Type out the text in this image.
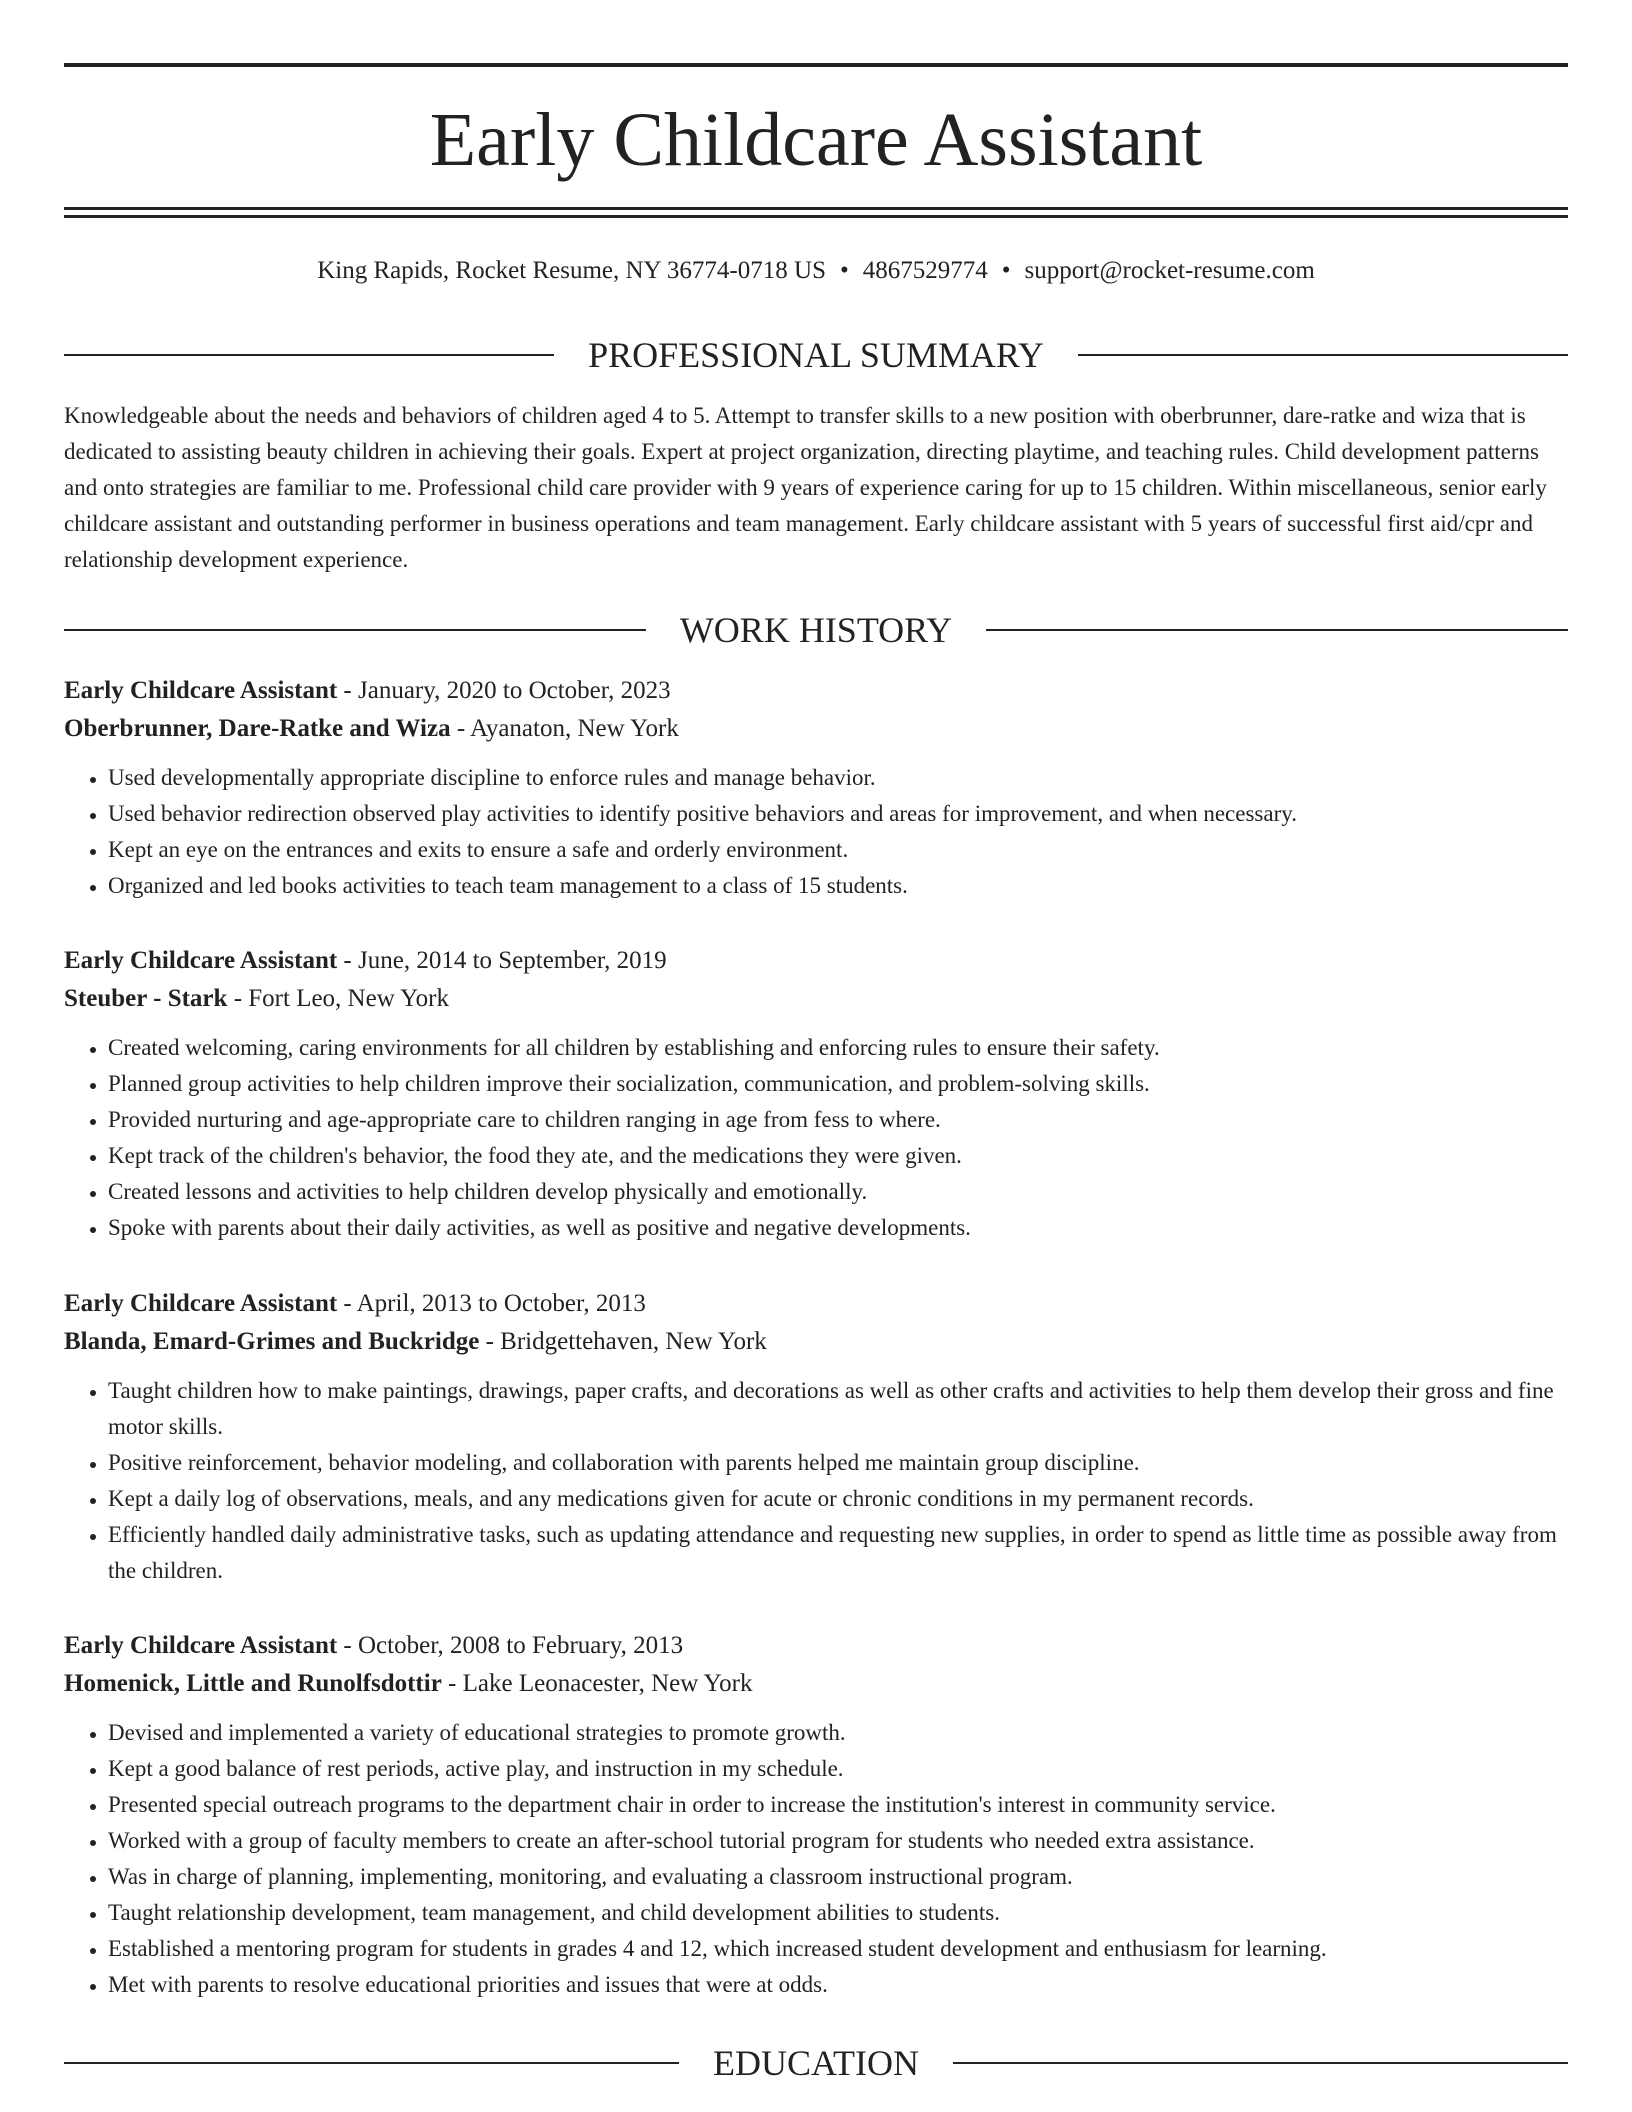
Early Childcare Assistant
King Rapids, Rocket Resume, NY 36774-0718 US • 4867529774 • support@rocket-resume.com
PROFESSIONAL SUMMARY

Knowledgeable about the needs and behaviors of children aged 4 to 5. Attempt to transfer skills to a new position with oberbrunner, dare-ratke and wiza that is dedicated to assisting beauty children in achieving their goals. Expert at project organization, directing playtime, and teaching rules. Child development patterns and onto strategies are familiar to me. Professional child care provider with 9 years of experience caring for up to 15 children. Within miscellaneous, senior early childcare assistant and outstanding performer in business operations and team management. Early childcare assistant with 5 years of successful first aid/cpr and relationship development experience.

WORK HISTORY

Early Childcare Assistant - January, 2020 to October, 2023

Oberbrunner, Dare-Ratke and Wiza - Ayanaton, New York

• Used developmentally appropriate discipline to enforce rules and manage behavior.
• Used behavior redirection observed play activities to identify positive behaviors and areas for improvement, and when necessary.
• Kept an eye on the entrances and exits to ensure a safe and orderly environment.
• Organized and led books activities to teach team management to a class of 15 students.

Early Childcare Assistant - June, 2014 to September, 2019

Steuber - Stark - Fort Leo, New York

• Created welcoming, caring environments for all children by establishing and enforcing rules to ensure their safety.
• Planned group activities to help children improve their socialization, communication, and problem-solving skills.
• Provided nurturing and age-appropriate care to children ranging in age from fess to where.
• Kept track of the children's behavior, the food they ate, and the medications they were given.
• Created lessons and activities to help children develop physically and emotionally.
• Spoke with parents about their daily activities, as well as positive and negative developments.

Early Childcare Assistant - April, 2013 to October, 2013

Blanda, Emard-Grimes and Buckridge - Bridgettehaven, New York

• Taught children how to make paintings, drawings, paper crafts, and decorations as well as other crafts and activities to help them develop their gross and fine motor skills.
• Positive reinforcement, behavior modeling, and collaboration with parents helped me maintain group discipline.
• Kept a daily log of observations, meals, and any medications given for acute or chronic conditions in my permanent records.
• Efficiently handled daily administrative tasks, such as updating attendance and requesting new supplies, in order to spend as little time as possible away from the children.

Early Childcare Assistant - October, 2008 to February, 2013

Homenick, Little and Runolfsdottir - Lake Leonacester, New York

• Devised and implemented a variety of educational strategies to promote growth.
• Kept a good balance of rest periods, active play, and instruction in my schedule.
• Presented special outreach programs to the department chair in order to increase the institution's interest in community service.
• Worked with a group of faculty members to create an after-school tutorial program for students who needed extra assistance.
• Was in charge of planning, implementing, monitoring, and evaluating a classroom instructional program.
• Taught relationship development, team management, and child development abilities to students.
• Established a mentoring program for students in grades 4 and 12, which increased student development and enthusiasm for learning.
• Met with parents to resolve educational priorities and issues that were at odds.
EDUCATION
